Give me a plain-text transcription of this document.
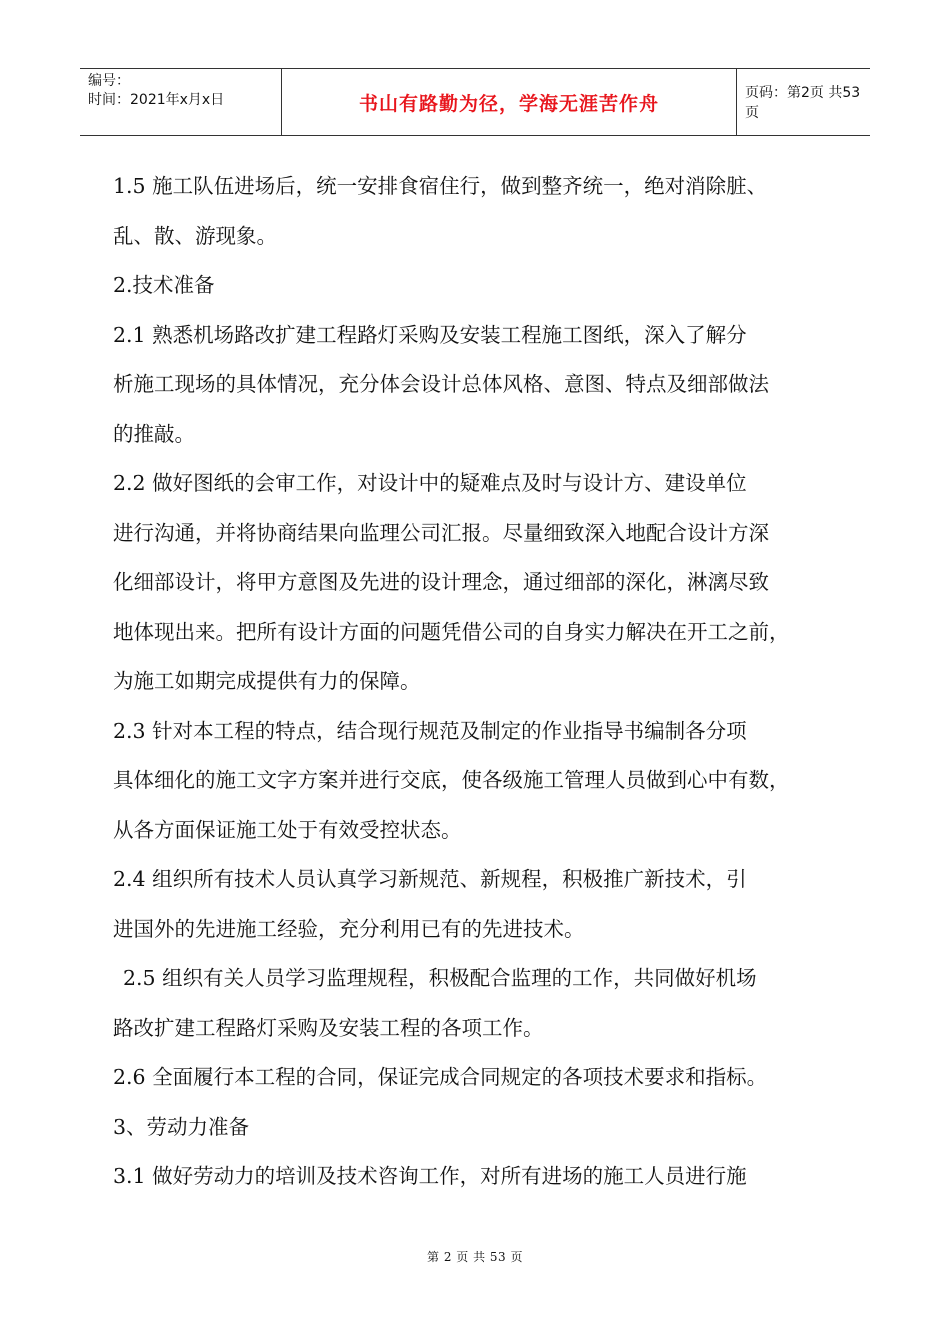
编号：
时间：2021年x月x日	书山有路勤为径，学海无涯苦作舟	页码：第2页 共53页

1.5 施工队伍进场后，统一安排食宿住行，做到整齐统一，绝对消除脏、

乱、散、游现象。

2.技术准备

2.1 熟悉机场路改扩建工程路灯采购及安装工程施工图纸，深入了解分

析施工现场的具体情况，充分体会设计总体风格、意图、特点及细部做法

的推敲。

2.2 做好图纸的会审工作，对设计中的疑难点及时与设计方、建设单位

进行沟通，并将协商结果向监理公司汇报。尽量细致深入地配合设计方深

化细部设计，将甲方意图及先进的设计理念，通过细部的深化，淋漓尽致

地体现出来。把所有设计方面的问题凭借公司的自身实力解决在开工之前，

为施工如期完成提供有力的保障。

2.3 针对本工程的特点，结合现行规范及制定的作业指导书编制各分项

具体细化的施工文字方案并进行交底，使各级施工管理人员做到心中有数，

从各方面保证施工处于有效受控状态。

2.4 组织所有技术人员认真学习新规范、新规程，积极推广新技术，引

进国外的先进施工经验，充分利用已有的先进技术。

2.5 组织有关人员学习监理规程，积极配合监理的工作，共同做好机场

路改扩建工程路灯采购及安装工程的各项工作。

2.6 全面履行本工程的合同，保证完成合同规定的各项技术要求和指标。

3、劳动力准备

3.1 做好劳动力的培训及技术咨询工作，对所有进场的施工人员进行施

第 2 页 共 53 页
